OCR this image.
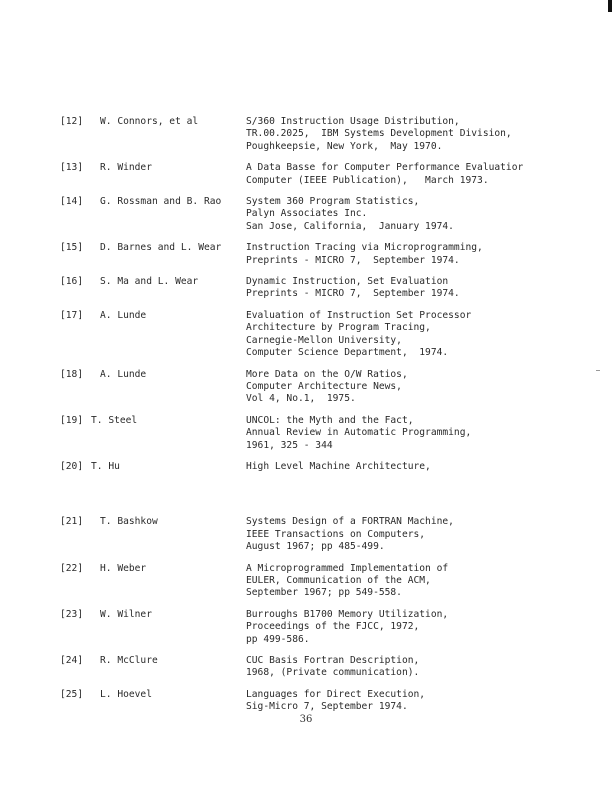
[12]	W. Connors, et al	S/360 Instruction Usage Distribution,
TR.00.2025,  IBM Systems Development Division,
Poughkeepsie, New York,  May 1970.
[13]	R. Winder	A Data Basse for Computer Performance Evaluatior
Computer (IEEE Publication),   March 1973.
[14]	G. Rossman and B. Rao	System 360 Program Statistics,
Palyn Associates Inc.
San Jose, California,  January 1974.
[15]	D. Barnes and L. Wear	Instruction Tracing via Microprogramming,
Preprints - MICRO 7,  September 1974.
[16]	S. Ma and L. Wear	Dynamic Instruction, Set Evaluation
Preprints - MICRO 7,  September 1974.
[17]	A. Lunde	Evaluation of Instruction Set Processor
Architecture by Program Tracing,
Carnegie-Mellon University,
Computer Science Department,  1974.
[18]	A. Lunde	More Data on the O/W Ratios,
Computer Architecture News,
Vol 4, No.1,  1975.
[19] T. Steel	UNCOL: the Myth and the Fact,
Annual Review in Automatic Programming,
1961, 325 - 344
[20] T. Hu	High Level Machine Architecture,
[21]	T. Bashkow	Systems Design of a FORTRAN Machine,
IEEE Transactions on Computers,
August 1967; pp 485-499.
[22]	H. Weber	A Microprogrammed Implementation of
EULER, Communication of the ACM,
September 1967; pp 549-558.
[23]	W. Wilner	Burroughs B1700 Memory Utilization,
Proceedings of the FJCC, 1972,
pp 499-586.
[24]	R. McClure	CUC Basis Fortran Description,
1968, (Private communication).
[25]	L. Hoevel	Languages for Direct Execution,
Sig-Micro 7, September 1974.
36
